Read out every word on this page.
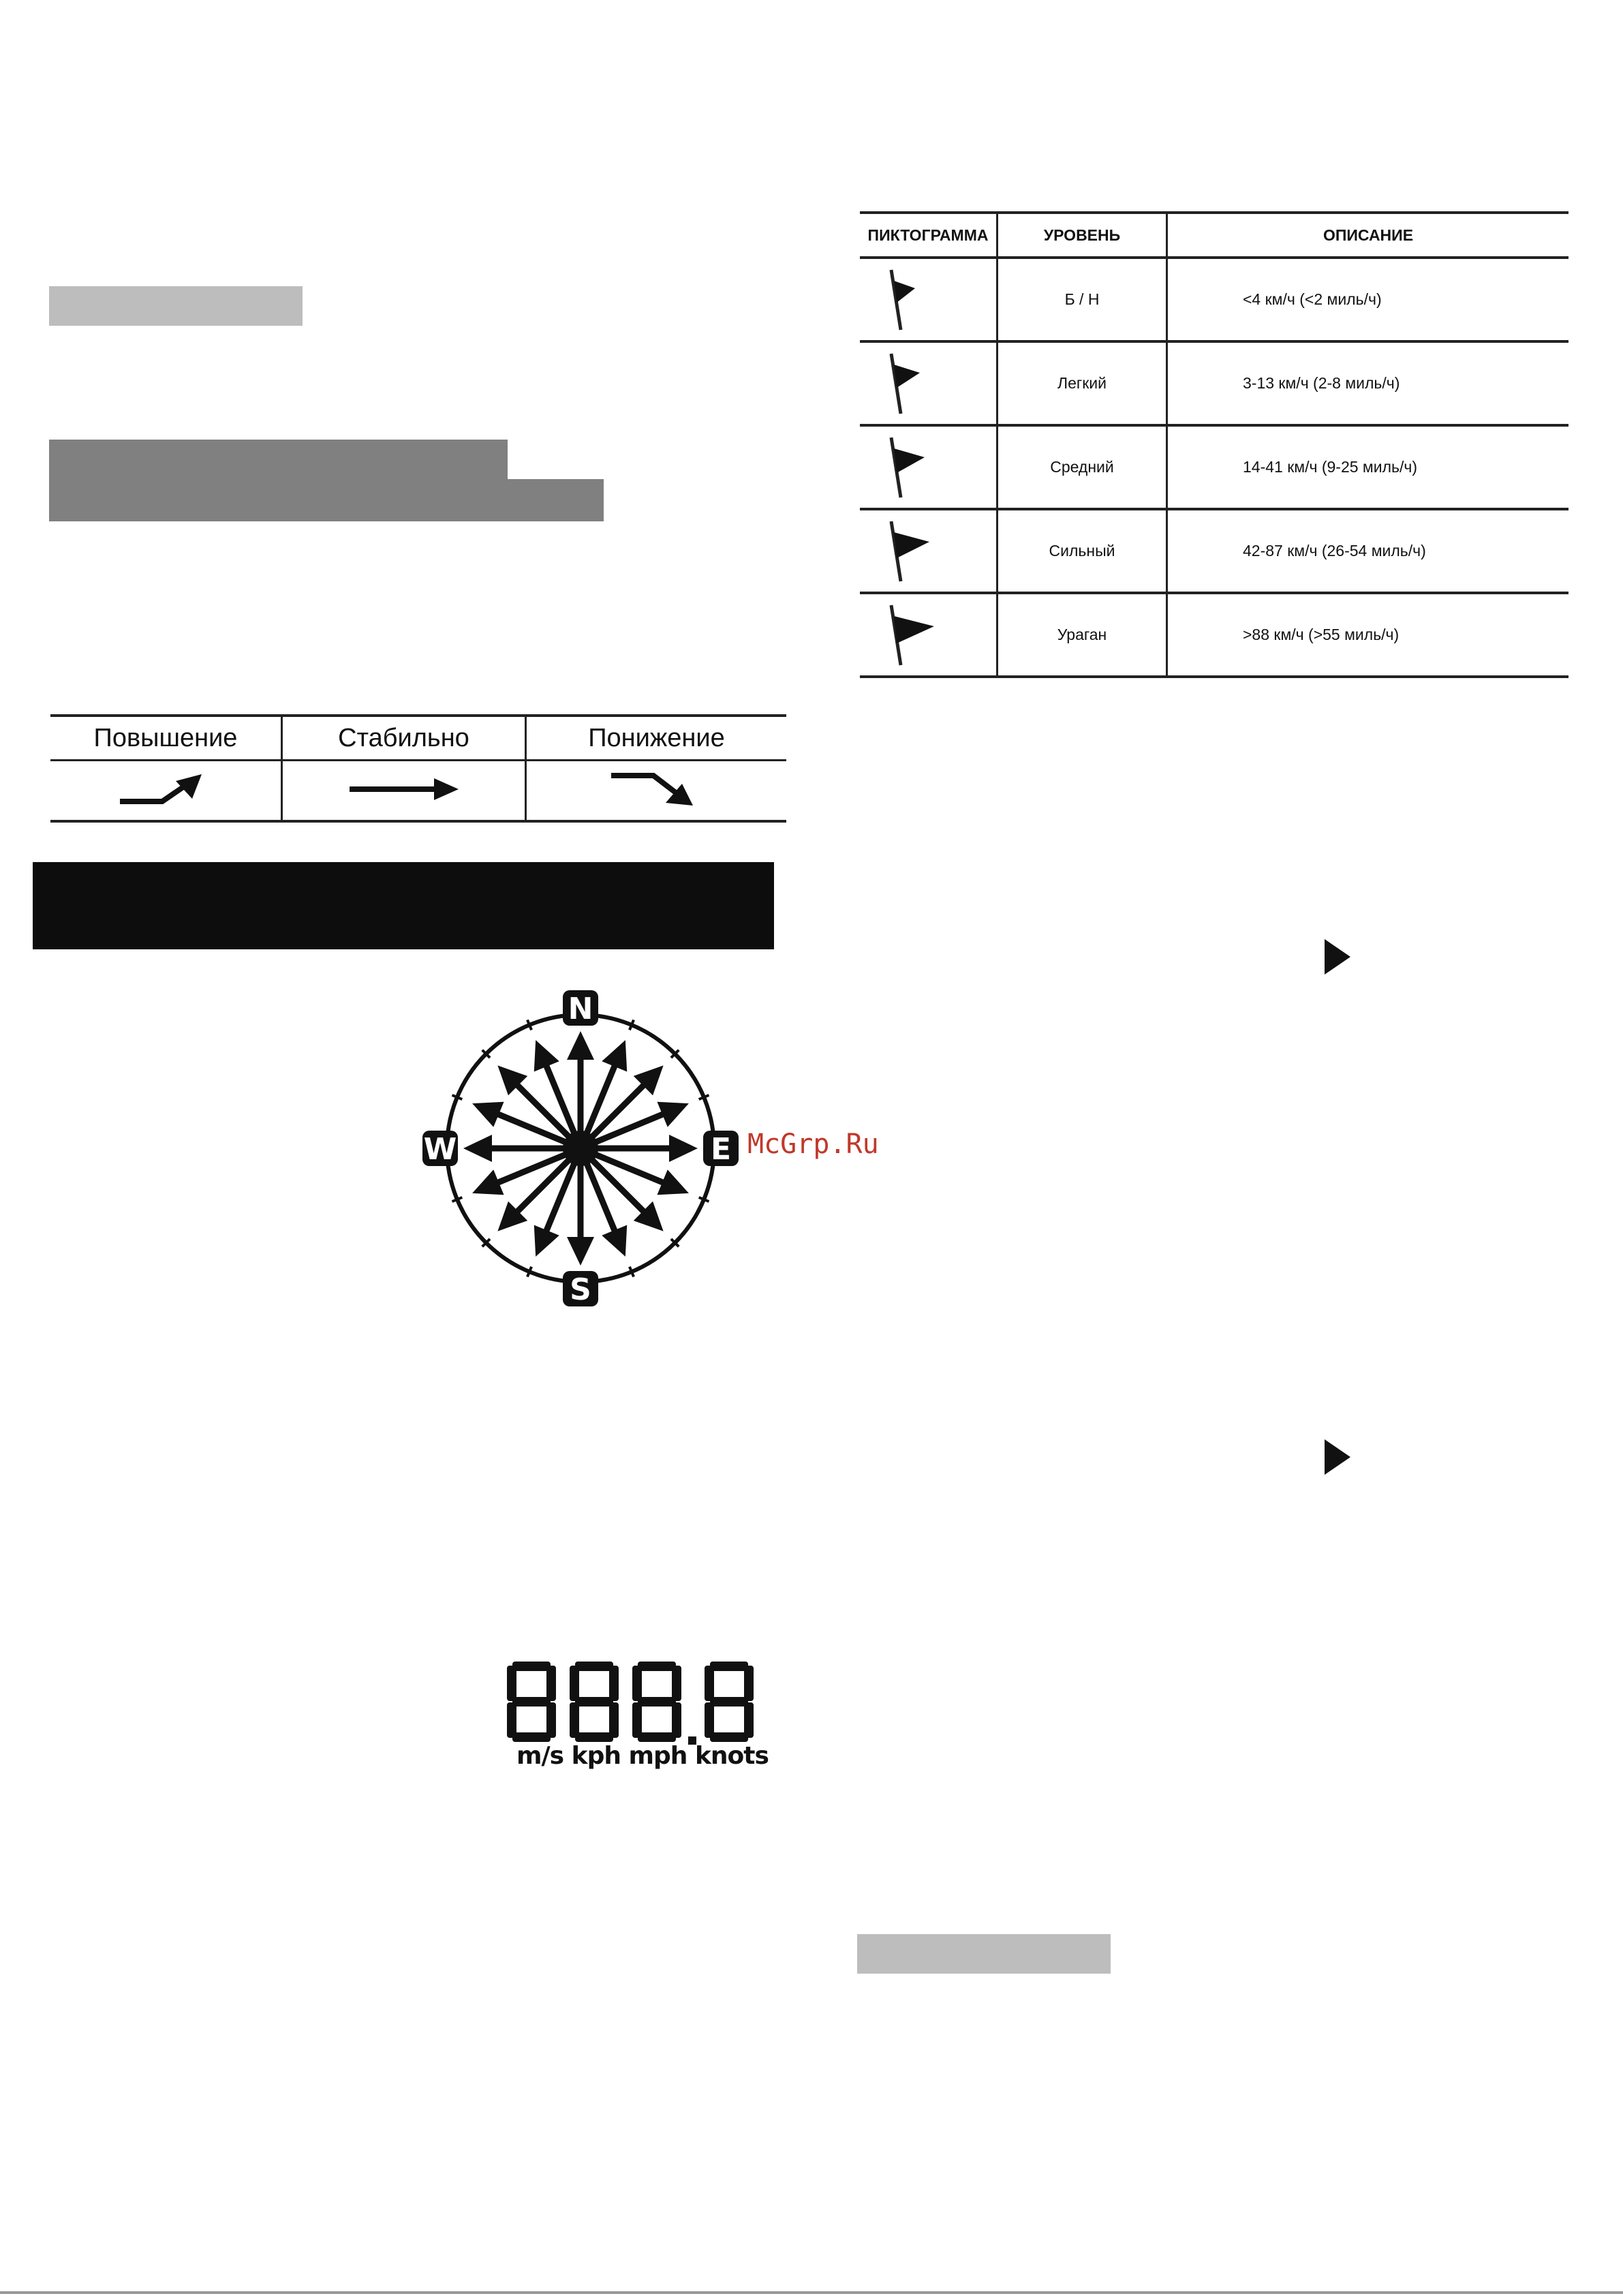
Повышение	Стабильно	Понижение

ПИКТОГРАММА	УРОВЕНЬ	ОПИСАНИЕ

	Б / Н	<4 км/ч (<2 миль/ч)

	Легкий	3-13 км/ч (2-8 миль/ч)

	Средний	14-41 км/ч (9-25 миль/ч)

	Сильный	42-87 км/ч (26-54 миль/ч)

	Ураган	>88 км/ч (>55 миль/ч)
N
S
E
W	McGrp.Ru
m/s kph mph knots
